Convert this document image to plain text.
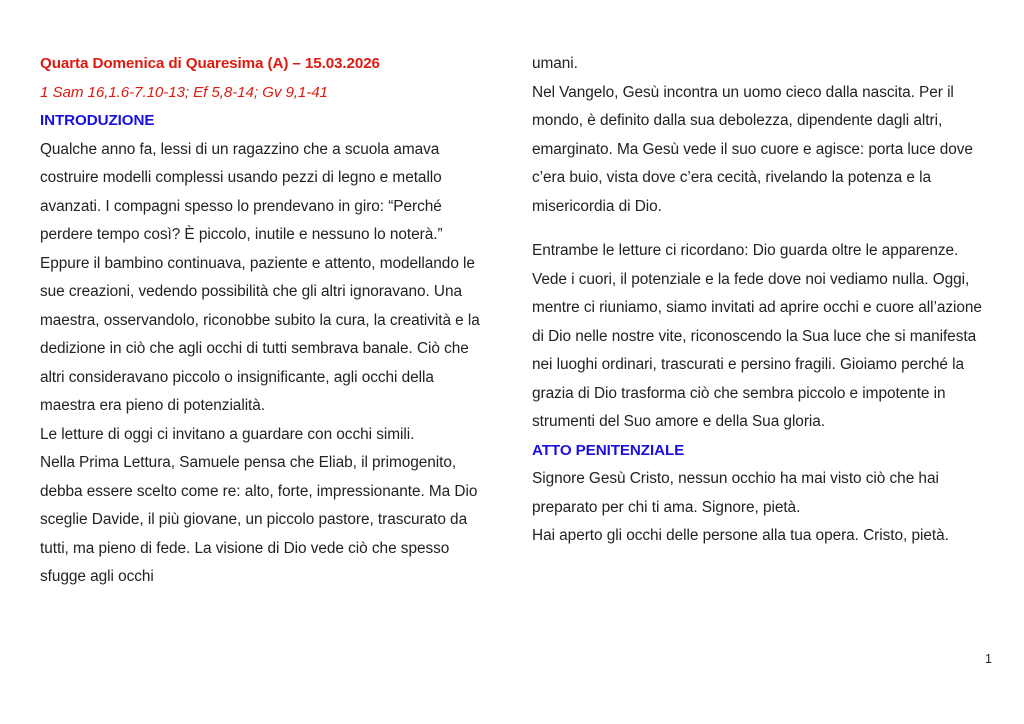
Quarta Domenica di Quaresima (A) – 15.03.2026

1 Sam 16,1.6-7.10-13; Ef 5,8-14; Gv 9,1-41

INTRODUZIONE

Qualche anno fa, lessi di un ragazzino che a scuola amava costruire modelli complessi usando pezzi di legno e metallo avanzati. I compagni spesso lo prendevano in giro: “Perché perdere tempo così? È piccolo, inutile e nessuno lo noterà.” Eppure il bambino continuava, paziente e attento, modellando le sue creazioni, vedendo possibilità che gli altri ignoravano. Una maestra, osservandolo, riconobbe subito la cura, la creatività e la dedizione in ciò che agli occhi di tutti sembrava banale. Ciò che altri consideravano piccolo o insignificante, agli occhi della maestra era pieno di potenzialità.

Le letture di oggi ci invitano a guardare con occhi simili.

Nella Prima Lettura, Samuele pensa che Eliab, il primogenito, debba essere scelto come re: alto, forte, impressionante. Ma Dio sceglie Davide, il più giovane, un piccolo pastore, trascurato da tutti, ma pieno di fede. La visione di Dio vede ciò che spesso sfugge agli occhi

umani.

Nel Vangelo, Gesù incontra un uomo cieco dalla nascita. Per il mondo, è definito dalla sua debolezza, dipendente dagli altri, emarginato. Ma Gesù vede il suo cuore e agisce: porta luce dove c’era buio, vista dove c’era cecità, rivelando la potenza e la misericordia di Dio.

Entrambe le letture ci ricordano: Dio guarda oltre le apparenze. Vede i cuori, il potenziale e la fede dove noi vediamo nulla. Oggi, mentre ci riuniamo, siamo invitati ad aprire occhi e cuore all’azione di Dio nelle nostre vite, riconoscendo la Sua luce che si manifesta nei luoghi ordinari, trascurati e persino fragili. Gioiamo perché la grazia di Dio trasforma ciò che sembra piccolo e impotente in strumenti del Suo amore e della Sua gloria.

ATTO PENITENZIALE

Signore Gesù Cristo, nessun occhio ha mai visto ciò che hai preparato per chi ti ama. Signore, pietà.

Hai aperto gli occhi delle persone alla tua opera. Cristo, pietà.

1
